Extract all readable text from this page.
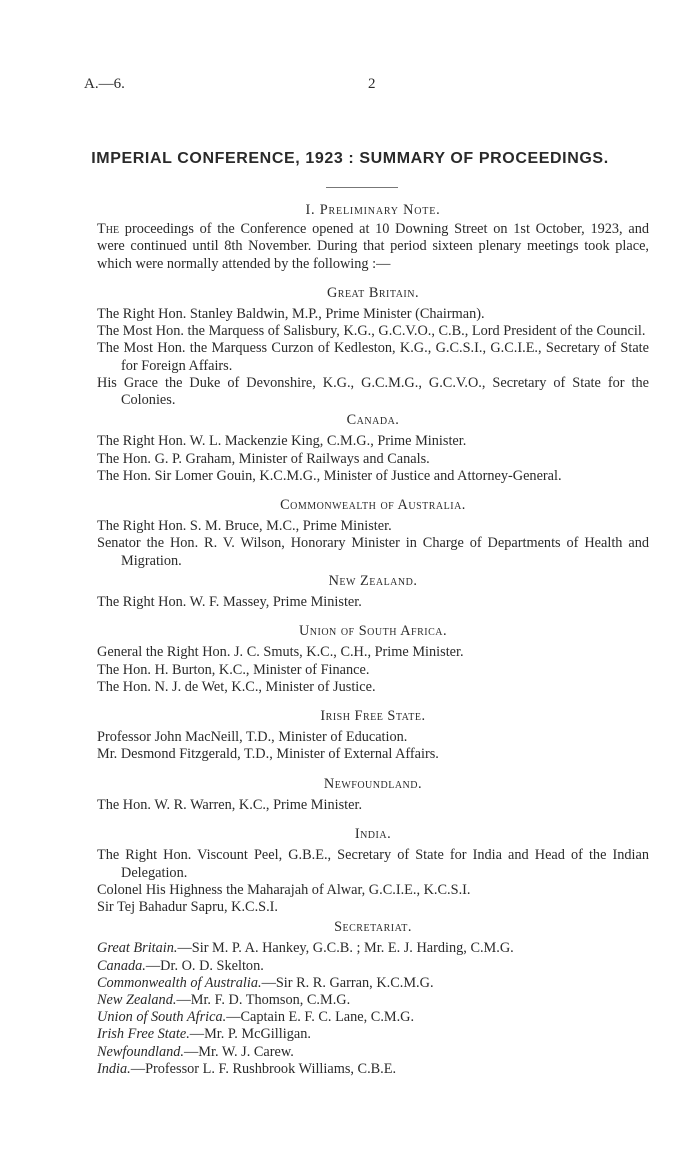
A.—6.	2
IMPERIAL CONFERENCE, 1923 : SUMMARY OF PROCEEDINGS.

I. Preliminary Note.

The proceedings of the Conference opened at 10 Downing Street on 1st October, 1923, and were continued until 8th November. During that period sixteen plenary meetings took place, which were normally attended by the following :—

Great Britain.

The Right Hon. Stanley Baldwin, M.P., Prime Minister (Chairman).

The Most Hon. the Marquess of Salisbury, K.G., G.C.V.O., C.B., Lord President of the Council.

The Most Hon. the Marquess Curzon of Kedleston, K.G., G.C.S.I., G.C.I.E., Secretary of State for Foreign Affairs.

His Grace the Duke of Devonshire, K.G., G.C.M.G., G.C.V.O., Secretary of State for the Colonies.

Canada.

The Right Hon. W. L. Mackenzie King, C.M.G., Prime Minister.

The Hon. G. P. Graham, Minister of Railways and Canals.

The Hon. Sir Lomer Gouin, K.C.M.G., Minister of Justice and Attorney-General.

Commonwealth of Australia.

The Right Hon. S. M. Bruce, M.C., Prime Minister.

Senator the Hon. R. V. Wilson, Honorary Minister in Charge of Departments of Health and Migration.

New Zealand.

The Right Hon. W. F. Massey, Prime Minister.

Union of South Africa.

General the Right Hon. J. C. Smuts, K.C., C.H., Prime Minister.

The Hon. H. Burton, K.C., Minister of Finance.

The Hon. N. J. de Wet, K.C., Minister of Justice.

Irish Free State.

Professor John MacNeill, T.D., Minister of Education.

Mr. Desmond Fitzgerald, T.D., Minister of External Affairs.

Newfoundland.

The Hon. W. R. Warren, K.C., Prime Minister.

India.

The Right Hon. Viscount Peel, G.B.E., Secretary of State for India and Head of the Indian Delegation.

Colonel His Highness the Maharajah of Alwar, G.C.I.E., K.C.S.I.

Sir Tej Bahadur Sapru, K.C.S.I.

Secretariat.

Great Britain.—Sir M. P. A. Hankey, G.C.B. ; Mr. E. J. Harding, C.M.G.

Canada.—Dr. O. D. Skelton.

Commonwealth of Australia.—Sir R. R. Garran, K.C.M.G.

New Zealand.—Mr. F. D. Thomson, C.M.G.

Union of South Africa.—Captain E. F. C. Lane, C.M.G.

Irish Free State.—Mr. P. McGilligan.

Newfoundland.—Mr. W. J. Carew.

India.—Professor L. F. Rushbrook Williams, C.B.E.
